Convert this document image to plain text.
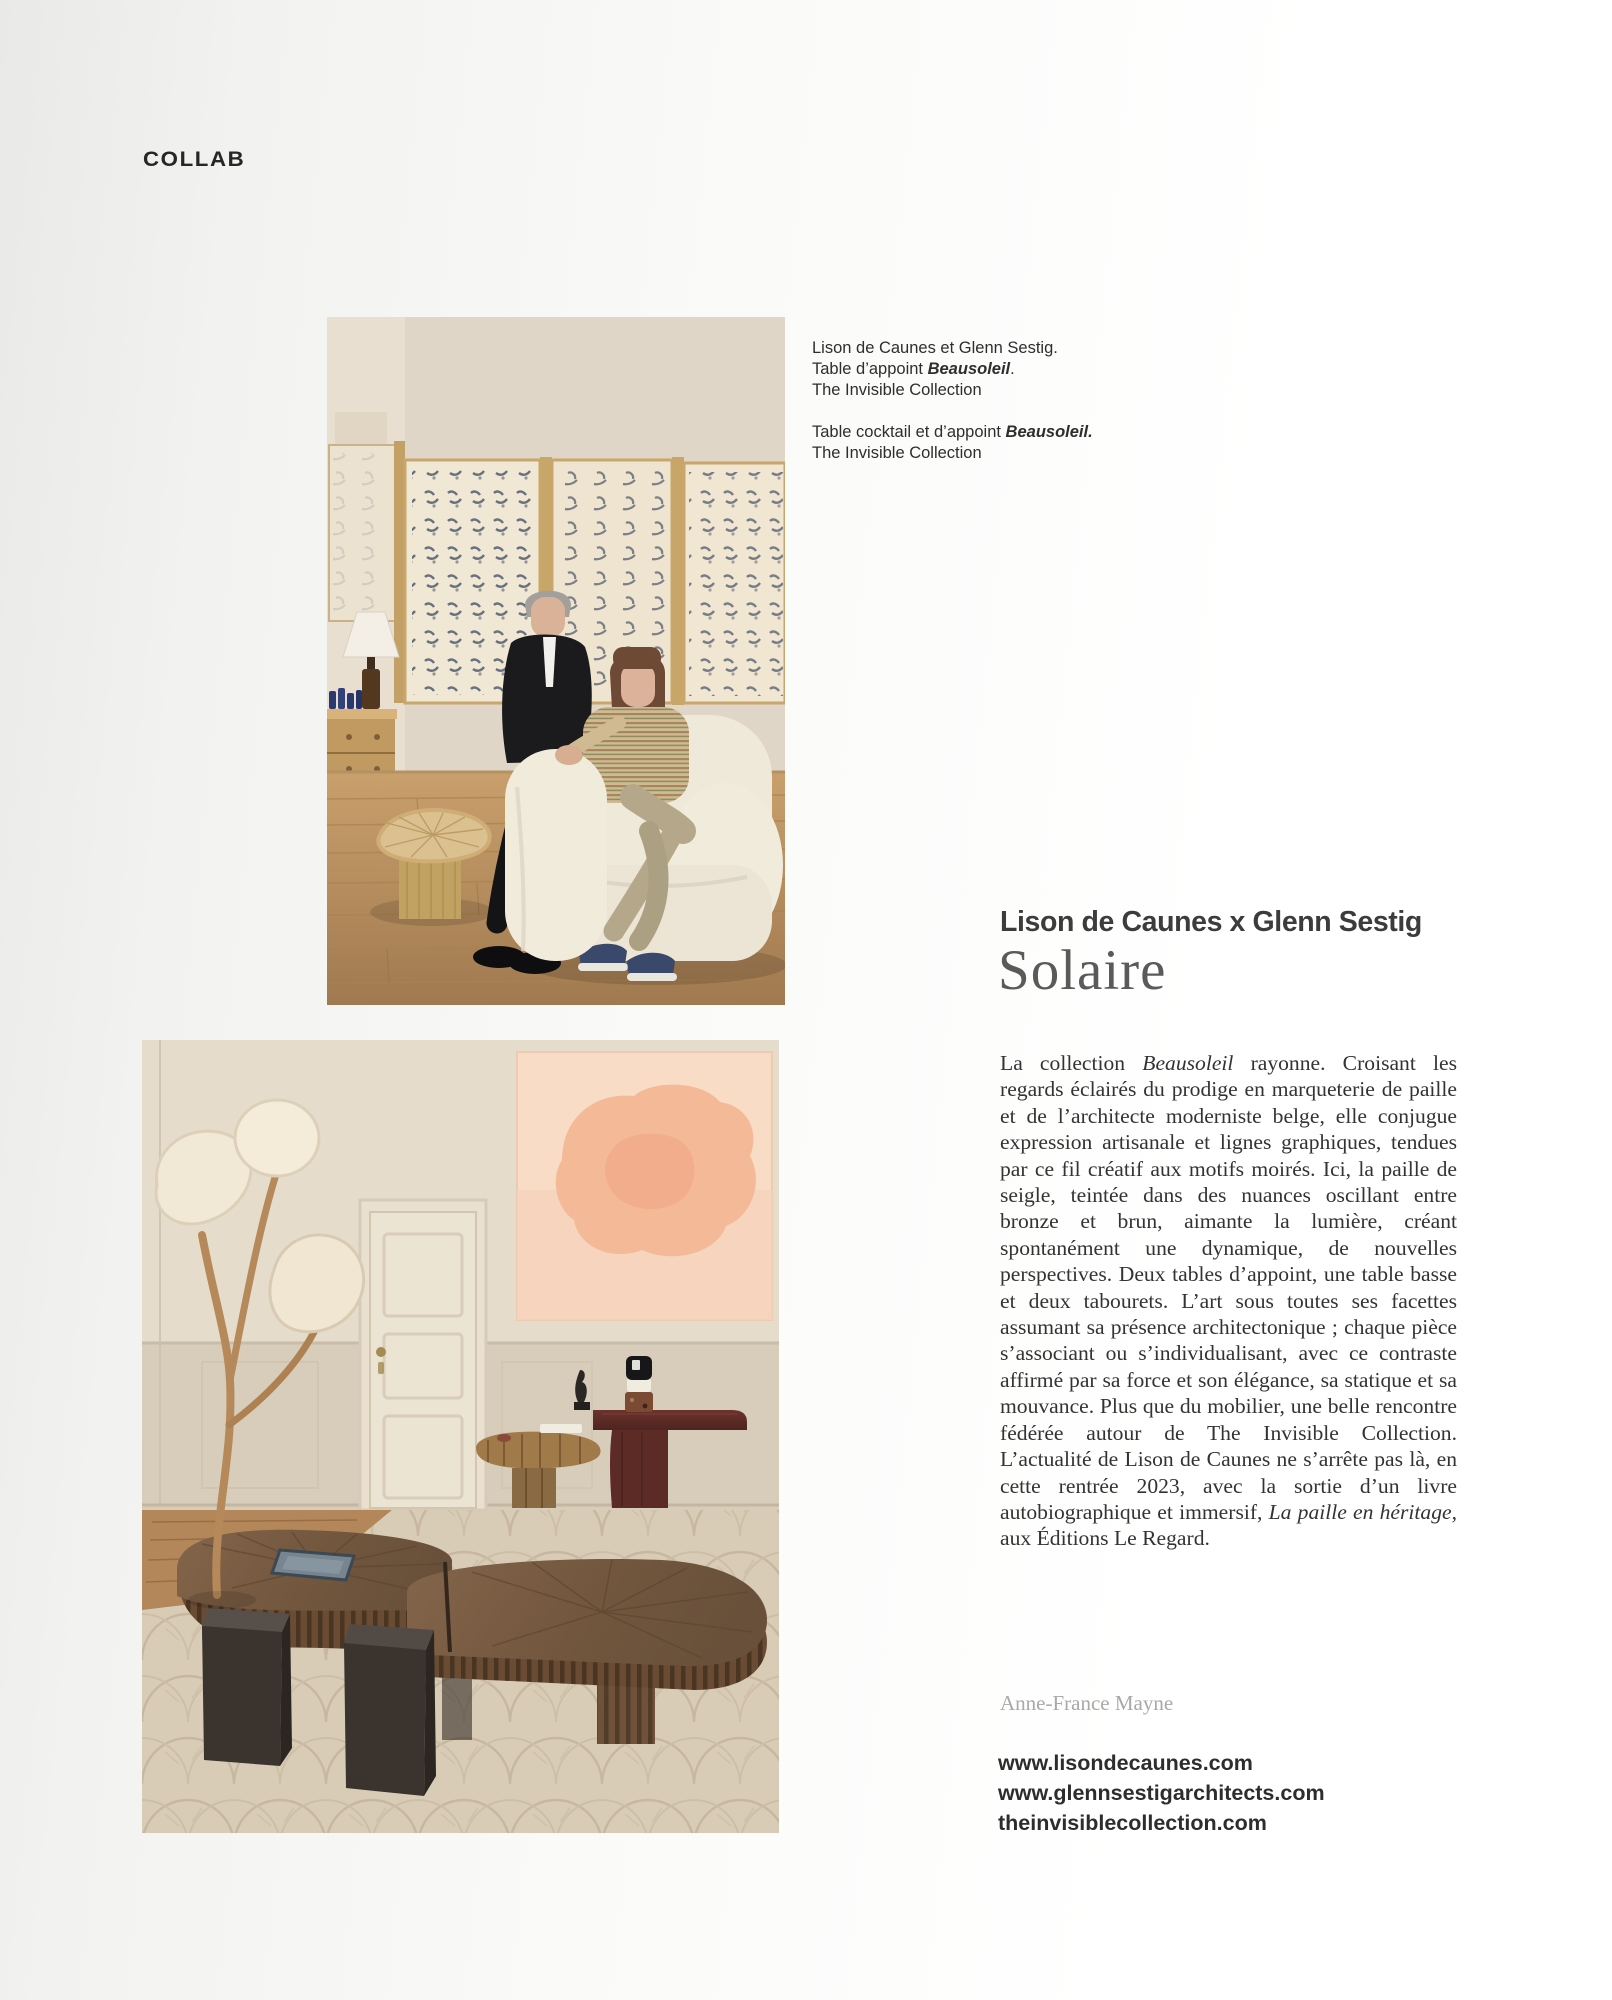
COLLAB
Lison de Caunes et Glenn Sestig.
Table d’appoint Beausoleil.
The Invisible Collection
Table cocktail et d’appoint Beausoleil.
The Invisible Collection
Lison de Caunes x Glenn Sestig
Solaire

La collection Beausoleil rayonne. Croisant les regards éclairés du prodige en marqueterie de paille et de l’architecte moderniste belge, elle conjugue expression artisanale et lignes graphiques, tendues par ce fil créatif aux motifs moirés. Ici, la paille de seigle, teintée dans des nuances oscillant entre bronze et brun, aimante la lumière, créant spontanément une dynamique, de nouvelles perspectives. Deux tables d’appoint, une table basse et deux tabourets. L’art sous toutes ses facettes assumant sa présence architectonique ; chaque pièce s’associant ou s’individualisant, avec ce contraste affirmé par sa force et son élégance, sa statique et sa mouvance. Plus que du mobilier, une belle rencontre fédérée autour de The Invisible Collection. L’actualité de Lison de Caunes ne s’arrête pas là, en cette rentrée 2023, avec la sortie d’un livre autobiographique et immersif, La paille en héritage, aux Éditions Le Regard.

Anne-France Mayne
www.lisondecaunes.com
www.glennsestigarchitects.com
theinvisiblecollection.com
